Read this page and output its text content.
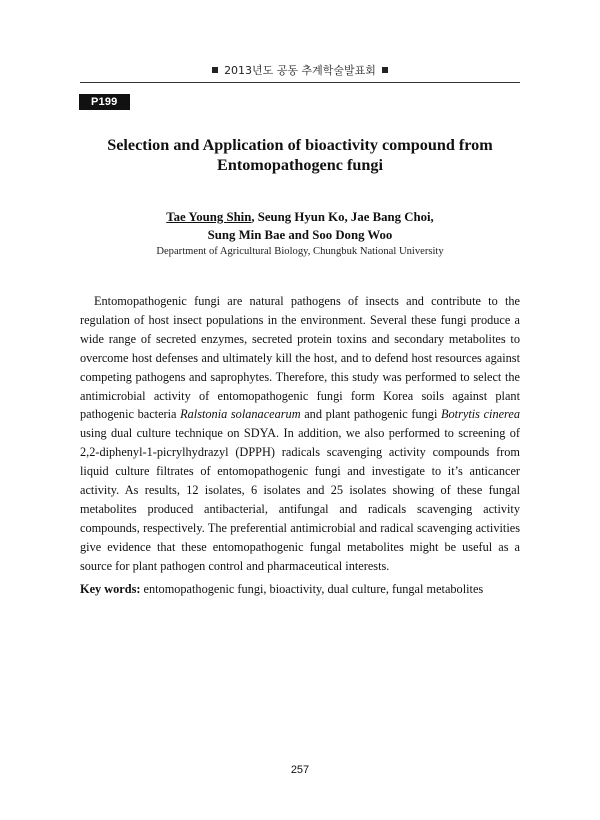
2013년도 공동 추계학술발표회
P199
Selection and Application of bioactivity compound from
Entomopathogenc fungi
Tae Young Shin, Seung Hyun Ko, Jae Bang Choi,
Sung Min Bae and Soo Dong Woo
Department of Agricultural Biology, Chungbuk National University

Entomopathogenic fungi are natural pathogens of insects and contribute to the regulation of host insect populations in the environment. Several these fungi produce a wide range of secreted enzymes, secreted protein toxins and secondary metabolites to overcome host defenses and ultimately kill the host, and to defend host resources against competing pathogens and saprophytes. Therefore, this study was performed to select the antimicrobial activity of entomopathogenic fungi form Korea soils against plant pathogenic bacteria Ralstonia solanacearum and plant pathogenic fungi Botrytis cinerea using dual culture technique on SDYA. In addition, we also performed to screening of 2,2-diphenyl-1-picrylhydrazyl (DPPH) radicals scavenging activity compounds from liquid culture filtrates of entomopathogenic fungi and investigate to it’s anticancer activity. As results, 12 isolates, 6 isolates and 25 isolates showing of these fungal metabolites produced antibacterial, antifungal and radicals scavenging activity compounds, respectively. The preferential antimicrobial and radical scavenging activities give evidence that these entomopathogenic fungal metabolites might be useful as a source for plant pathogen control and pharmaceutical interests.

Key words: entomopathogenic fungi, bioactivity, dual culture, fungal metabolites
257
